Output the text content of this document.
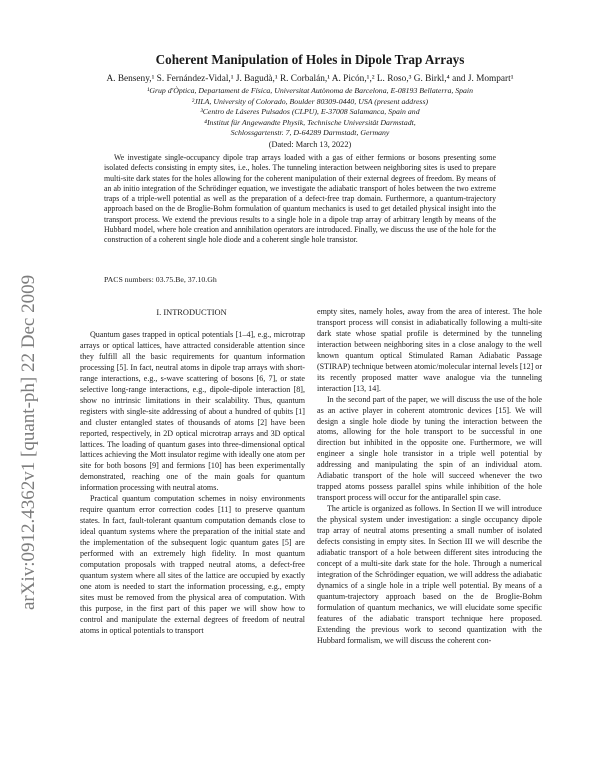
arXiv:0912.4362v1 [quant-ph] 22 Dec 2009
Coherent Manipulation of Holes in Dipole Trap Arrays

A. Benseny,¹ S. Fernández-Vidal,¹ J. Bagudà,¹ R. Corbalán,¹ A. Picón,¹,² L. Roso,³ G. Birkl,⁴ and J. Mompart¹

¹Grup d'Òptica, Departament de Física, Universitat Autònoma de Barcelona, E-08193 Bellaterra, Spain
²JILA, University of Colorado, Boulder 80309-0440, USA (present address)
³Centro de Láseres Pulsados (CLPU), E-37008 Salamanca, Spain and
⁴Institut für Angewandte Physik, Technische Universität Darmstadt,
Schlossgartenstr. 7, D-64289 Darmstadt, Germany
(Dated: March 13, 2022)

We investigate single-occupancy dipole trap arrays loaded with a gas of either fermions or bosons presenting some isolated defects consisting in empty sites, i.e., holes. The tunneling interaction between neighboring sites is used to prepare multi-site dark states for the holes allowing for the coherent manipulation of their external degrees of freedom. By means of an ab initio integration of the Schrödinger equation, we investigate the adiabatic transport of holes between the two extreme traps of a triple-well potential as well as the preparation of a defect-free trap domain. Furthermore, a quantum-trajectory approach based on the de Broglie-Bohm formulation of quantum mechanics is used to get detailed physical insight into the transport process. We extend the previous results to a single hole in a dipole trap array of arbitrary length by means of the Hubbard model, where hole creation and annihilation operators are introduced. Finally, we discuss the use of the hole for the construction of a coherent single hole diode and a coherent single hole transistor.

PACS numbers: 03.75.Be, 37.10.Gh

I. INTRODUCTION

Quantum gases trapped in optical potentials [1–4], e.g., microtrap arrays or optical lattices, have attracted considerable attention since they fulfill all the basic requirements for quantum information processing [5]. In fact, neutral atoms in dipole trap arrays with short-range interactions, e.g., s-wave scattering of bosons [6, 7], or state selective long-range interactions, e.g., dipole-dipole interaction [8], show no intrinsic limitations in their scalability. Thus, quantum registers with single-site addressing of about a hundred of qubits [1] and cluster entangled states of thousands of atoms [2] have been reported, respectively, in 2D optical microtrap arrays and 3D optical lattices. The loading of quantum gases into three-dimensional optical lattices achieving the Mott insulator regime with ideally one atom per site for both bosons [9] and fermions [10] has been experimentally demonstrated, reaching one of the main goals for quantum information processing with neutral atoms.

Practical quantum computation schemes in noisy environments require quantum error correction codes [11] to preserve quantum states. In fact, fault-tolerant quantum computation demands close to ideal quantum systems where the preparation of the initial state and the implementation of the subsequent logic quantum gates [5] are performed with an extremely high fidelity. In most quantum computation proposals with trapped neutral atoms, a defect-free quantum system where all sites of the lattice are occupied by exactly one atom is needed to start the information processing, e.g., empty sites must be removed from the physical area of computation. With this purpose, in the first part of this paper we will show how to control and manipulate the external degrees of freedom of neutral atoms in optical potentials to transport

empty sites, namely holes, away from the area of interest. The hole transport process will consist in adiabatically following a multi-site dark state whose spatial profile is determined by the tunneling interaction between neighboring sites in a close analogy to the well known quantum optical Stimulated Raman Adiabatic Passage (STIRAP) technique between atomic/molecular internal levels [12] or its recently proposed matter wave analogue via the tunneling interaction [13, 14].

In the second part of the paper, we will discuss the use of the hole as an active player in coherent atomtronic devices [15]. We will design a single hole diode by tuning the interaction between the atoms, allowing for the hole transport to be successful in one direction but inhibited in the opposite one. Furthermore, we will engineer a single hole transistor in a triple well potential by addressing and manipulating the spin of an individual atom. Adiabatic transport of the hole will succeed whenever the two trapped atoms possess parallel spins while inhibition of the hole transport process will occur for the antiparallel spin case.

The article is organized as follows. In Section II we will introduce the physical system under investigation: a single occupancy dipole trap array of neutral atoms presenting a small number of isolated defects consisting in empty sites. In Section III we will describe the adiabatic transport of a hole between different sites introducing the concept of a multi-site dark state for the hole. Through a numerical integration of the Schrödinger equation, we will address the adiabatic dynamics of a single hole in a triple well potential. By means of a quantum-trajectory approach based on the de Broglie-Bohm formulation of quantum mechanics, we will elucidate some specific features of the adiabatic transport technique here proposed. Extending the previous work to second quantization with the Hubbard formalism, we will discuss the coherent con-
